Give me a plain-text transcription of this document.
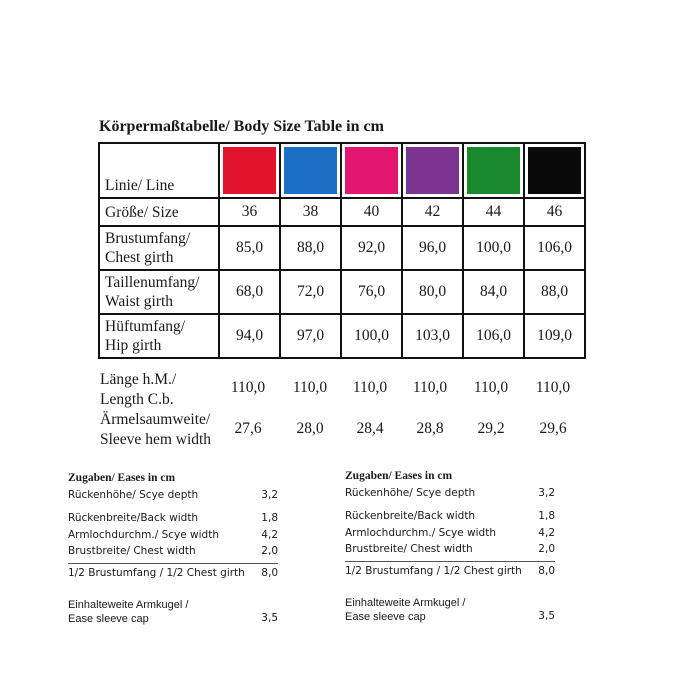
Körpermaßtabelle/ Body Size Table in cm
Linie/ Line	

Größe/ Size	36	38	40	42	44	46
Brustumfang/
Chest girth	85,0	88,0	92,0	96,0	100,0	106,0
Taillenumfang/
Waist girth	68,0	72,0	76,0	80,0	84,0	88,0
Hüftumfang/
Hip girth	94,0	97,0	100,0	103,0	106,0	109,0
Länge h.M./
Length C.b.
110,0	110,0	110,0	110,0	110,0	110,0
Ärmelsaumweite/
Sleeve hem width
27,6	28,0	28,4	28,8	29,2	29,6
Zugaben/ Eases in cm
Rückenhöhe/ Scye depth	3,2
Rückenbreite/Back width	1,8
Armlochdurchm./ Scye width	4,2
Brustbreite/ Chest width	2,0
1/2 Brustumfang / 1/2 Chest girth 8,0
Einhalteweite Armkugel /
Ease sleeve cap	3,5
Zugaben/ Eases in cm
Rückenhöhe/ Scye depth	3,2
Rückenbreite/Back width	1,8
Armlochdurchm./ Scye width	4,2
Brustbreite/ Chest width	2,0
1/2 Brustumfang / 1/2 Chest girth 8,0
Einhalteweite Armkugel /
Ease sleeve cap	3,5
